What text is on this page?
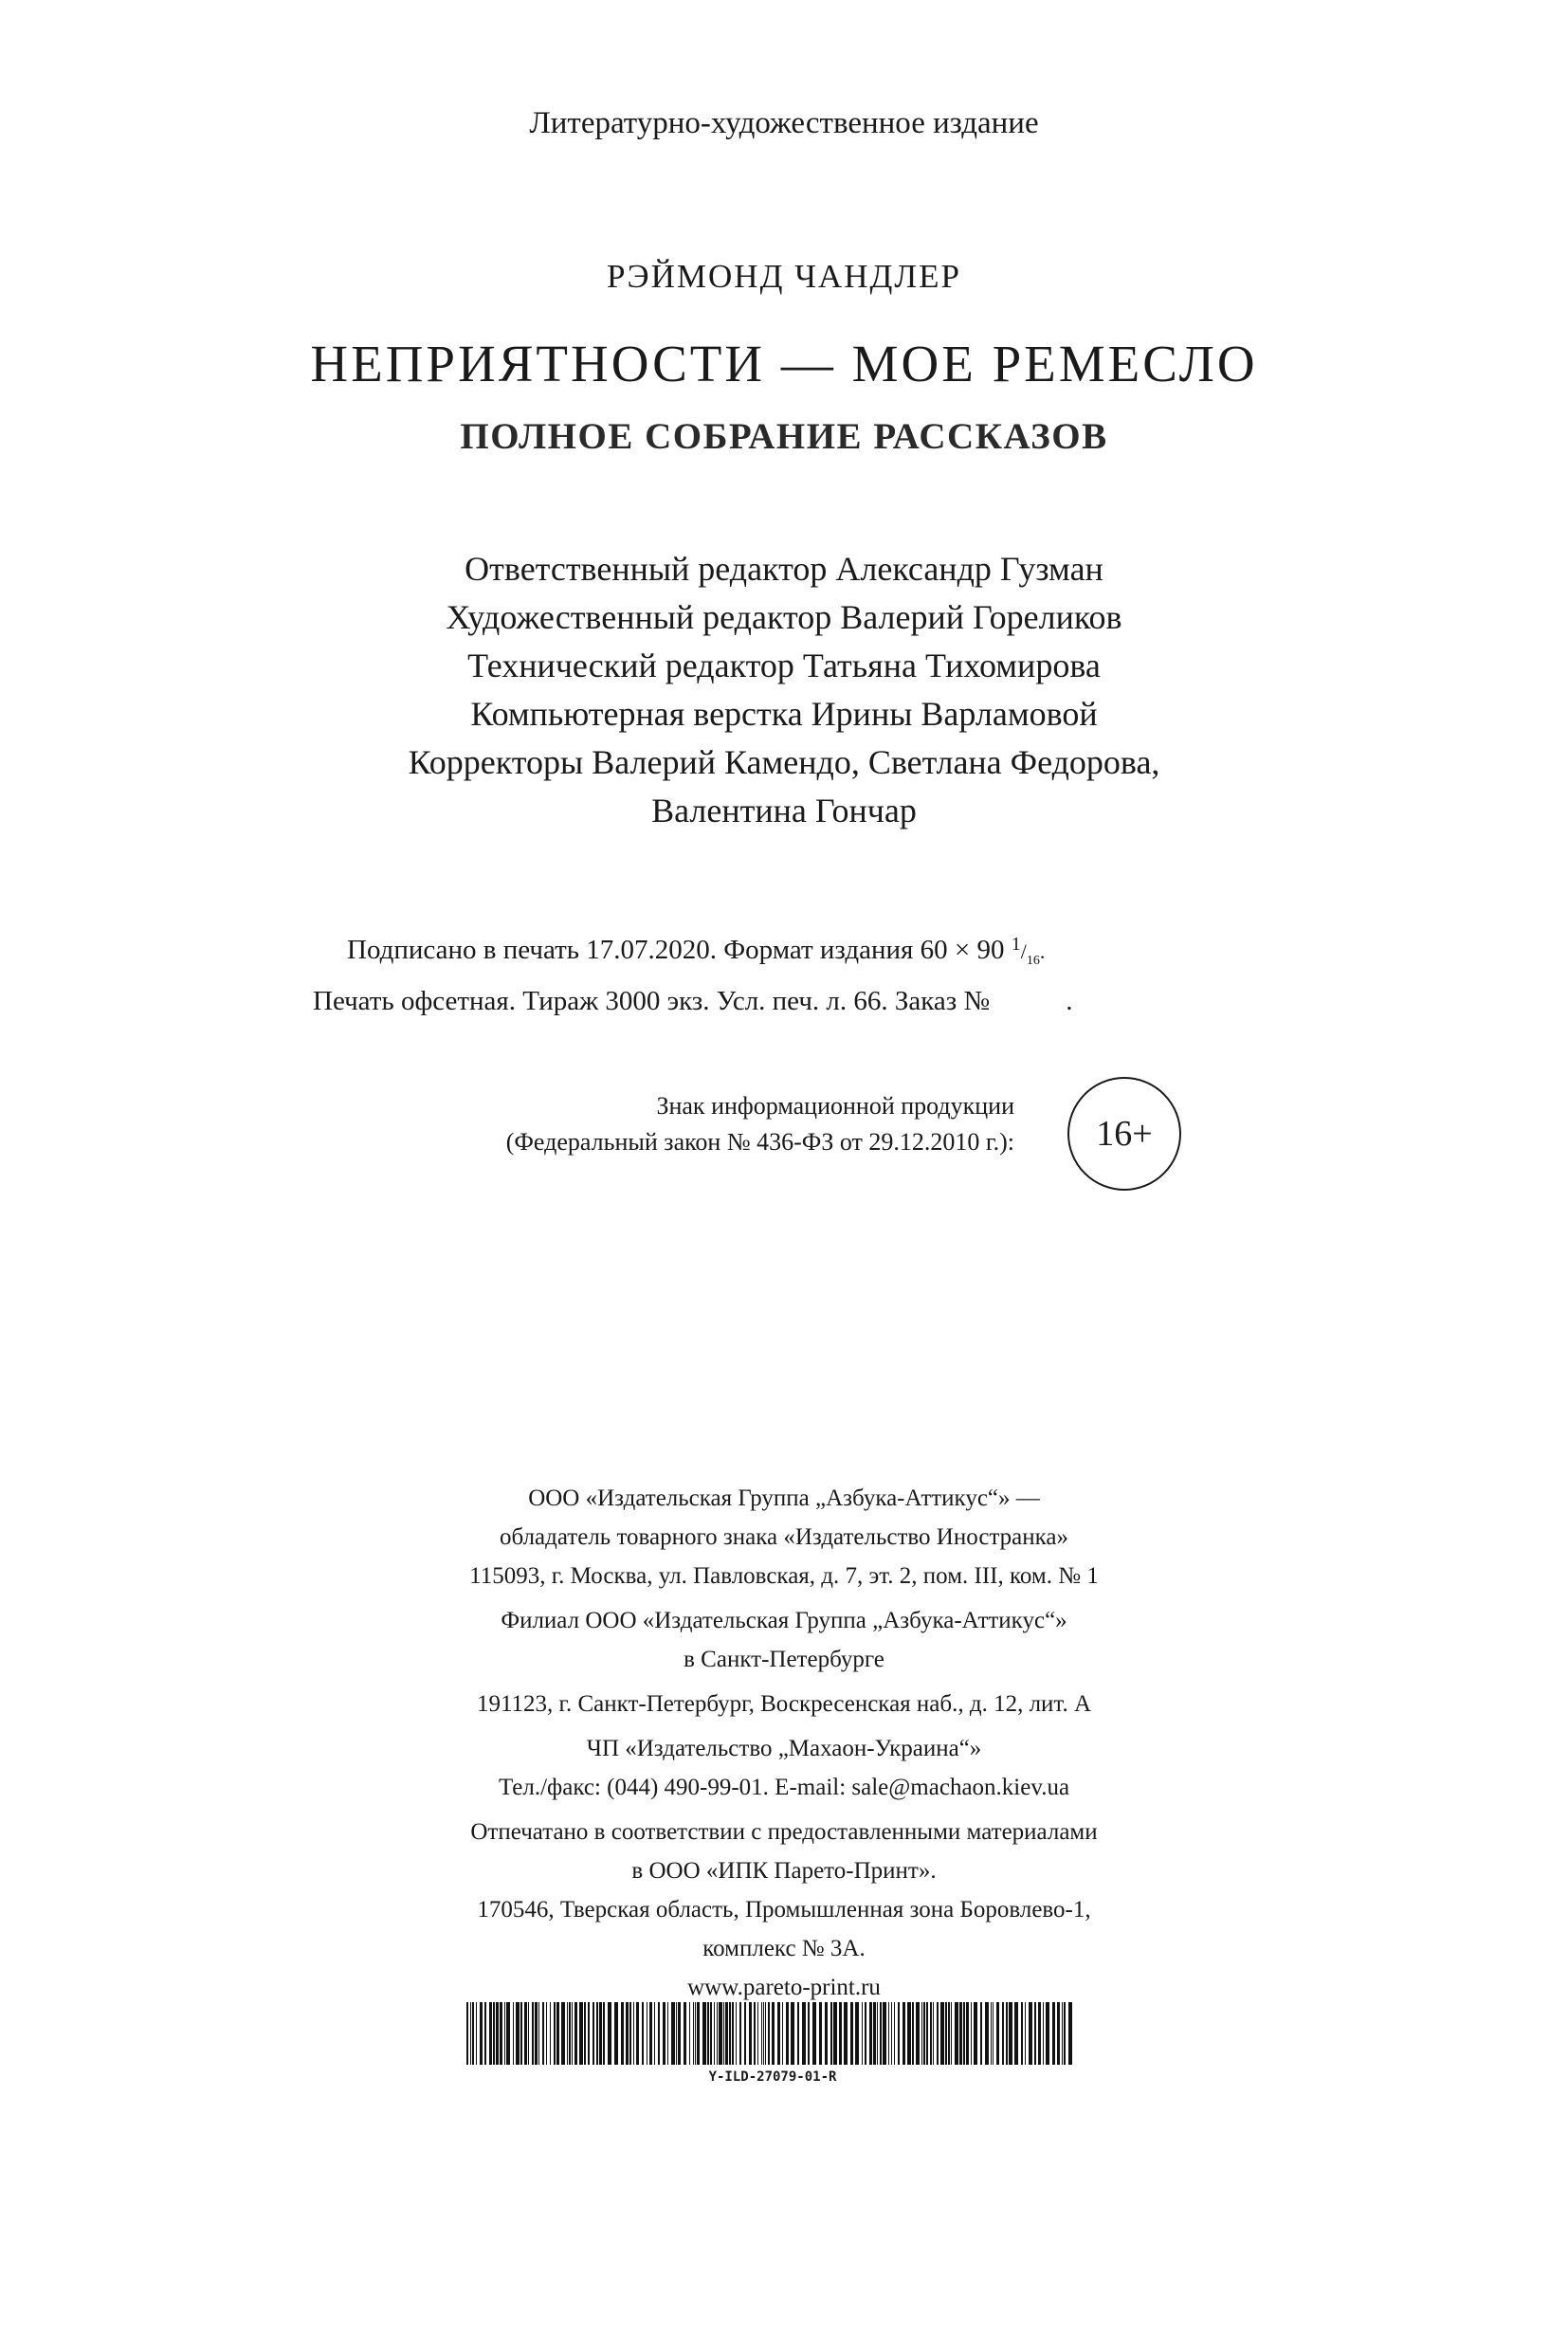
Литературно-художественное издание
РЭЙМОНД ЧАНДЛЕР
НЕПРИЯТНОСТИ — МОЕ РЕМЕСЛО
ПОЛНОЕ СОБРАНИЕ РАССКАЗОВ
Ответственный редактор Александр Гузман
Художественный редактор Валерий Гореликов
Технический редактор Татьяна Тихомирова
Компьютерная верстка Ирины Варламовой
Корректоры Валерий Камендо, Светлана Федорова,
Валентина Гончар
Подписано в печать 17.07.2020. Формат издания 60 × 90 $^1/_{16}$.
Печать офсетная. Тираж 3000 экз. Усл. печ. л. 66. Заказ №	.
Знак информационной продукции
(Федеральный закон № 436-ФЗ от 29.12.2010 г.):	16+
ООО «Издательская Группа „Азбука-Аттикус“» —
обладатель товарного знака «Издательство Иностранка»
115093, г. Москва, ул. Павловская, д. 7, эт. 2, пом. III, ком. № 1
Филиал ООО «Издательская Группа „Азбука-Аттикус“»
в Санкт-Петербурге
191123, г. Санкт-Петербург, Воскресенская наб., д. 12, лит. А
ЧП «Издательство „Махаон-Украина“»
Тел./факс: (044) 490-99-01. E-mail: sale@machaon.kiev.ua
Отпечатано в соответствии с предоставленными материалами
в ООО «ИПК Парето-Принт».
170546, Тверская область, Промышленная зона Боровлево-1,
комплекс № 3А.
www.pareto-print.ru
Y-ILD-27079-01-R
